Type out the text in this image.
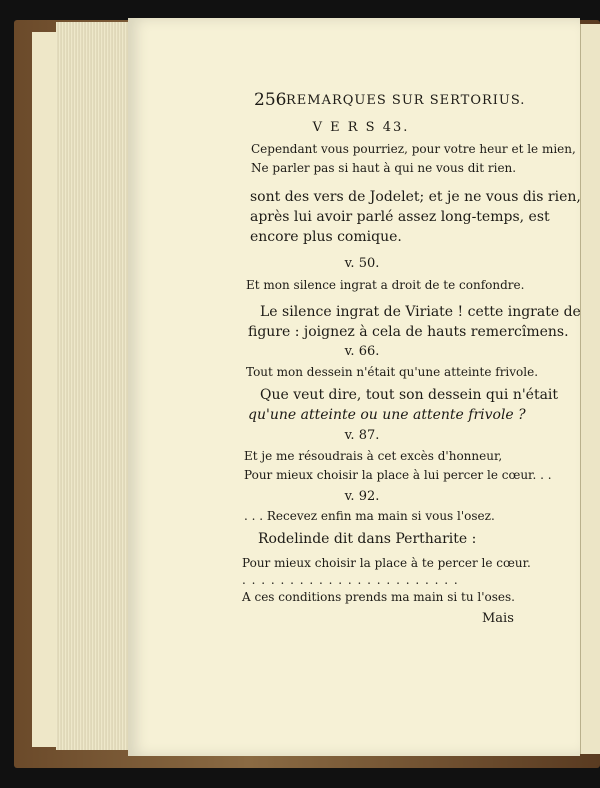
256 REMARQUES SUR SERTORIUS.
V E R S 43.
Cependant vous pourriez, pour votre heur et le mien,
Ne parler pas si haut à qui ne vous dit rien.
sont des vers de Jodelet; et je ne vous dis rien,
après lui avoir parlé assez long-temps, est
encore plus comique.
v. 50.
Et mon silence ingrat a droit de te confondre.
Le silence ingrat de Viriate ! cette ingrate de
figure : joignez à cela de hauts remercîmens.
v. 66.
Tout mon dessein n'était qu'une atteinte frivole.
Que veut dire, tout son dessein qui n'était
qu'une atteinte ou une attente frivole ?
v. 87.
Et je me résoudrais à cet excès d'honneur,
Pour mieux choisir la place à lui percer le cœur. . .
v. 92.
. . . Recevez enfin ma main si vous l'osez.
Rodelinde dit dans Pertharite :
Pour mieux choisir la place à te percer le cœur.
. . . . . . . . . . . . . . . . . . . . . . .
A ces conditions prends ma main si tu l'oses.
Mais
